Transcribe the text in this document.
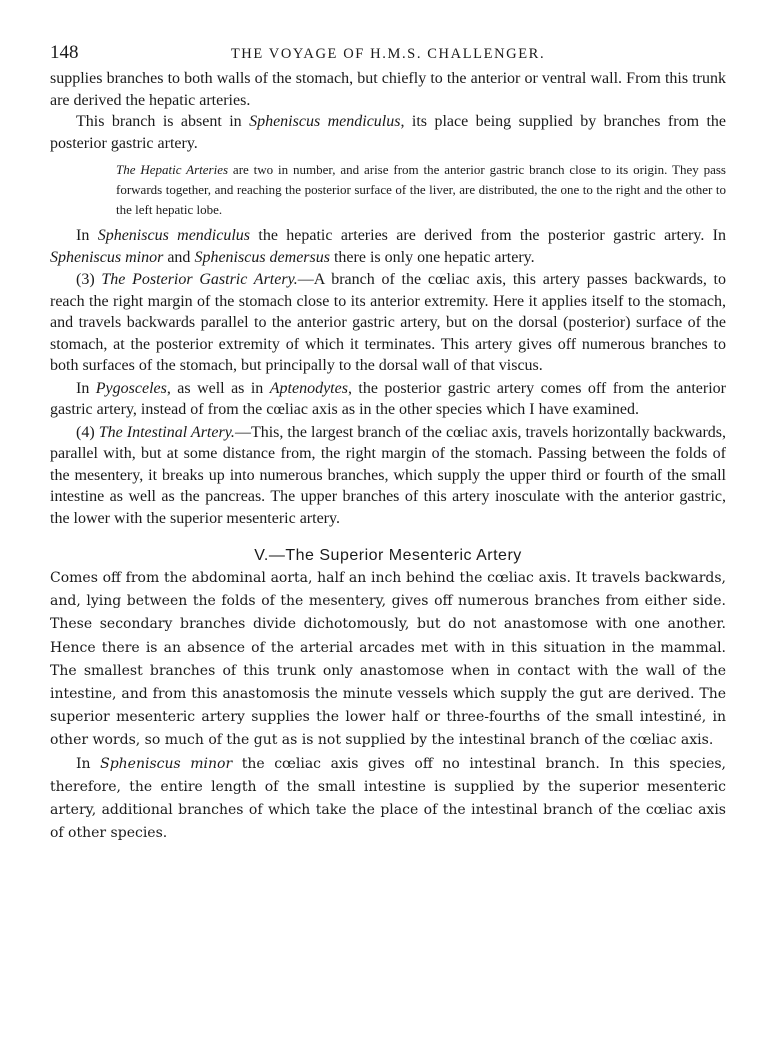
148	THE VOYAGE OF H.M.S. CHALLENGER.

supplies branches to both walls of the stomach, but chiefly to the anterior or ventral wall. From this trunk are derived the hepatic arteries.

This branch is absent in Spheniscus mendiculus, its place being supplied by branches from the posterior gastric artery.

The Hepatic Arteries are two in number, and arise from the anterior gastric branch close to its origin. They pass forwards together, and reaching the posterior surface of the liver, are distributed, the one to the right and the other to the left hepatic lobe.

In Spheniscus mendiculus the hepatic arteries are derived from the posterior gastric artery. In Spheniscus minor and Spheniscus demersus there is only one hepatic artery.

(3) The Posterior Gastric Artery.—A branch of the cœliac axis, this artery passes backwards, to reach the right margin of the stomach close to its anterior extremity. Here it applies itself to the stomach, and travels backwards parallel to the anterior gastric artery, but on the dorsal (posterior) surface of the stomach, at the posterior extremity of which it terminates. This artery gives off numerous branches to both surfaces of the stomach, but principally to the dorsal wall of that viscus.

In Pygosceles, as well as in Aptenodytes, the posterior gastric artery comes off from the anterior gastric artery, instead of from the cœliac axis as in the other species which I have examined.

(4) The Intestinal Artery.—This, the largest branch of the cœliac axis, travels horizontally backwards, parallel with, but at some distance from, the right margin of the stomach. Passing between the folds of the mesentery, it breaks up into numerous branches, which supply the upper third or fourth of the small intestine as well as the pancreas. The upper branches of this artery inosculate with the anterior gastric, the lower with the superior mesenteric artery.

V.—The Superior Mesenteric Artery

Comes off from the abdominal aorta, half an inch behind the cœliac axis. It travels backwards, and, lying between the folds of the mesentery, gives off numerous branches from either side. These secondary branches divide dichotomously, but do not anastomose with one another. Hence there is an absence of the arterial arcades met with in this situation in the mammal. The smallest branches of this trunk only anastomose when in contact with the wall of the intestine, and from this anastomosis the minute vessels which supply the gut are derived. The superior mesenteric artery supplies the lower half or three-fourths of the small intestiné, in other words, so much of the gut as is not supplied by the intestinal branch of the cœliac axis.

In Spheniscus minor the cœliac axis gives off no intestinal branch. In this species, therefore, the entire length of the small intestine is supplied by the superior mesenteric artery, additional branches of which take the place of the intestinal branch of the cœliac axis of other species.
